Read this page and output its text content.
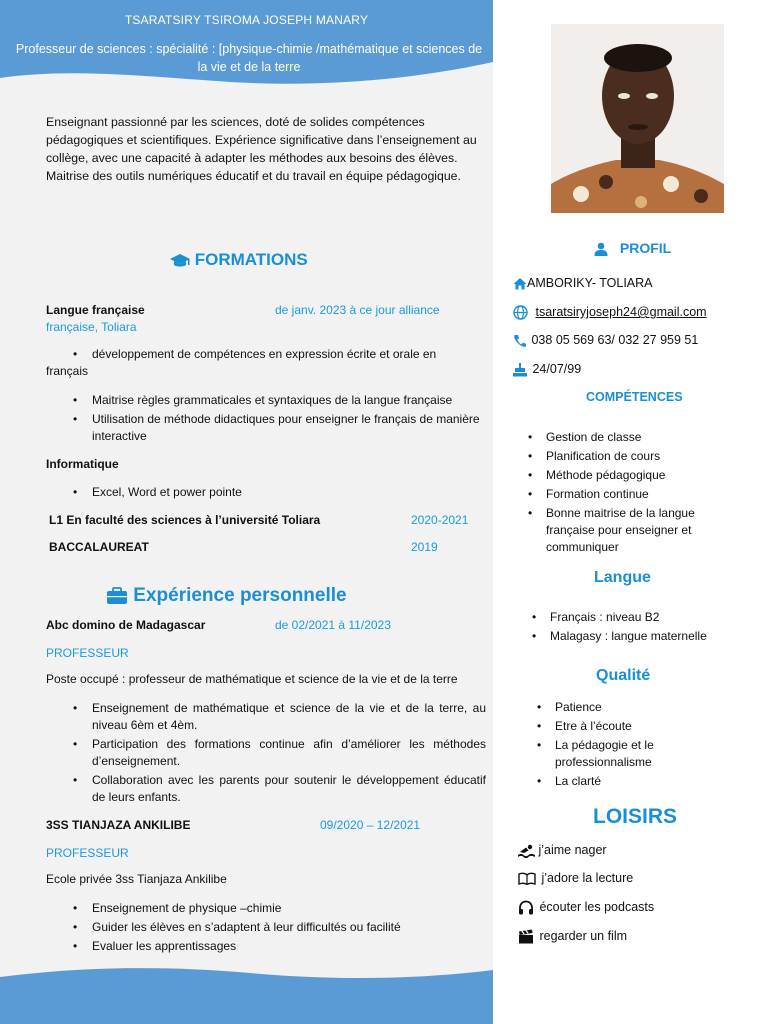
TSARATSIRY TSIROMA JOSEPH MANARY
Professeur de sciences : spécialité : [physique-chimie /mathématique et sciences de la vie et de la terre
Enseignant passionné par les sciences, doté de solides compétences pédagogiques et scientifiques. Expérience significative dans l’enseignement au collège, avec une capacité à adapter les méthodes aux besoins des élèves. Maitrise des outils numériques éducatif et du travail en équipe pédagogique.
FORMATIONS
Langue française	de janv. 2023 à ce jour alliance
française, Toliara
• développement de compétences en expression écrite et orale en français
• Maitrise règles grammaticales et syntaxiques de la langue française
• Utilisation de méthode didactiques pour enseigner le français de manière interactive
Informatique
• Excel, Word et power pointe
L1 En faculté des sciences à l’université Toliara	2020-2021
BACCALAUREAT	2019
Expérience personnelle
Abc domino de Madagascar	de 02/2021 à 11/2023
PROFESSEUR
Poste occupé : professeur de mathématique et science de la vie et de la terre
• Enseignement de mathématique et science de la vie et de la terre, au niveau 6èm et 4èm.
• Participation des formations continue afin d’améliorer les méthodes d’enseignement.
• Collaboration avec les parents pour soutenir le développement éducatif de leurs enfants.
3SS TIANJAZA ANKILIBE	09/2020 – 12/2021
PROFESSEUR
Ecole privée 3ss Tianjaza Ankilibe
• Enseignement de physique –chimie
• Guider les élèves en s’adaptent à leur difficultés ou facilité
• Evaluer les apprentissages
PROFIL
AMBORIKY- TOLIARA
tsaratsiryjoseph24@gmail.com
038 05 569 63/ 032 27 959 51
24/07/99
COMPÉTENCES
• Gestion de classe
• Planification de cours
• Méthode pédagogique
• Formation continue
• Bonne maitrise de la langue française pour enseigner et communiquer
Langue
• Français : niveau B2
• Malagasy : langue maternelle
Qualité
• Patience
• Etre à l’écoute
• La pédagogie et le professionnalisme
• La clarté
LOISIRS
j’aime nager
j’adore la lecture
écouter les podcasts
regarder un film
